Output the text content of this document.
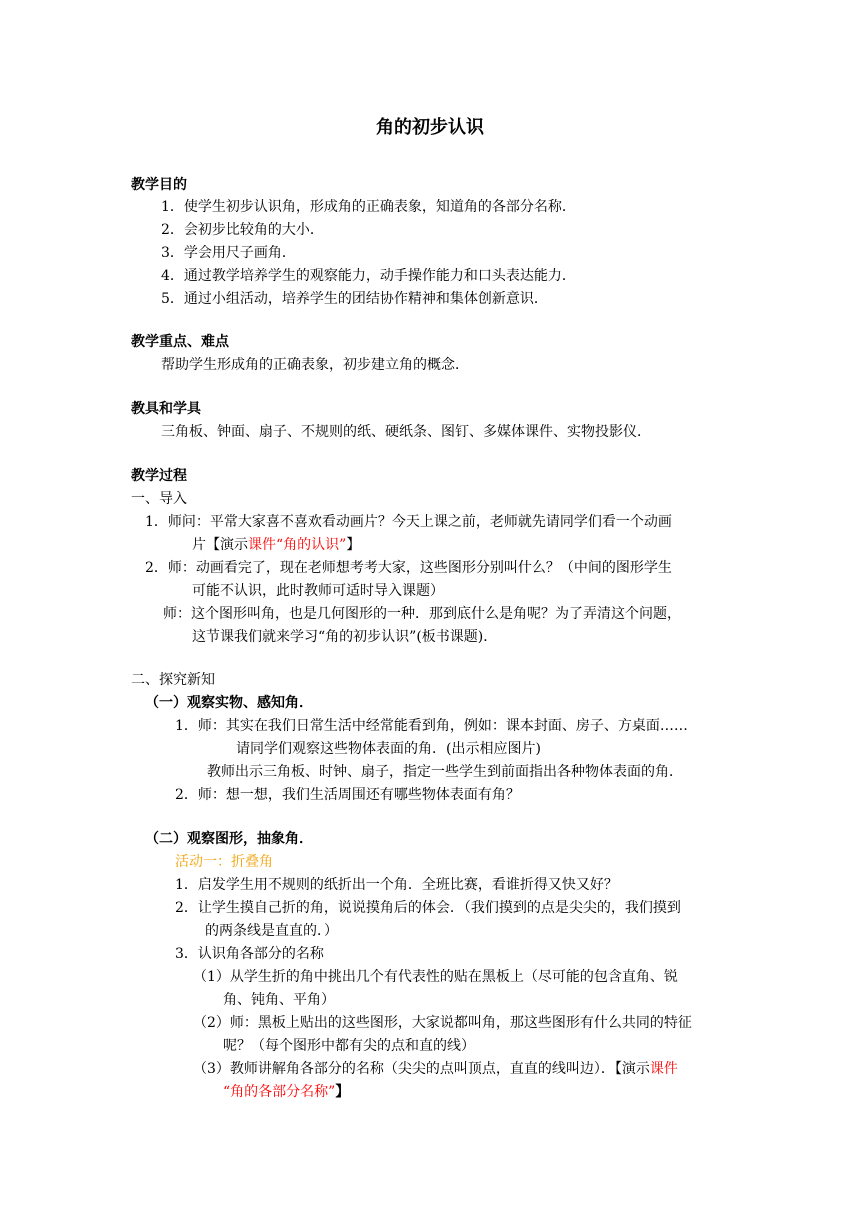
角的初步认识
教学目的
1．使学生初步认识角，形成角的正确表象，知道角的各部分名称．
2．会初步比较角的大小．
3．学会用尺子画角．
4．通过教学培养学生的观察能力，动手操作能力和口头表达能力．
5．通过小组活动，培养学生的团结协作精神和集体创新意识．
教学重点、难点
帮助学生形成角的正确表象，初步建立角的概念．
教具和学具
三角板、钟面、扇子、不规则的纸、硬纸条、图钉、多媒体课件、实物投影仪．
教学过程
一、导入
1．师问：平常大家喜不喜欢看动画片？今天上课之前，老师就先请同学们看一个动画
片【演示课件“角的认识”】
2．师：动画看完了，现在老师想考考大家，这些图形分别叫什么？（中间的图形学生
可能不认识，此时教师可适时导入课题）
师：这个图形叫角，也是几何图形的一种．那到底什么是角呢？为了弄清这个问题，
这节课我们就来学习“角的初步认识”(板书课题)．
二、探究新知
（一）观察实物、感知角．
1．师：其实在我们日常生活中经常能看到角，例如：课本封面、房子、方桌面……
请同学们观察这些物体表面的角．(出示相应图片)
教师出示三角板、时钟、扇子，指定一些学生到前面指出各种物体表面的角．
2．师：想一想，我们生活周围还有哪些物体表面有角？
（二）观察图形，抽象角．
活动一：折叠角
1．启发学生用不规则的纸折出一个角．全班比赛，看谁折得又快又好？
2．让学生摸自己折的角，说说摸角后的体会．（我们摸到的点是尖尖的，我们摸到
的两条线是直直的．）
3．认识角各部分的名称
（1）从学生折的角中挑出几个有代表性的贴在黑板上（尽可能的包含直角、锐
角、钝角、平角）
（2）师：黑板上贴出的这些图形，大家说都叫角，那这些图形有什么共同的特征
呢？（每个图形中都有尖的点和直的线）
（3）教师讲解角各部分的名称（尖尖的点叫顶点，直直的线叫边）．【演示课件
“角的各部分名称”】
